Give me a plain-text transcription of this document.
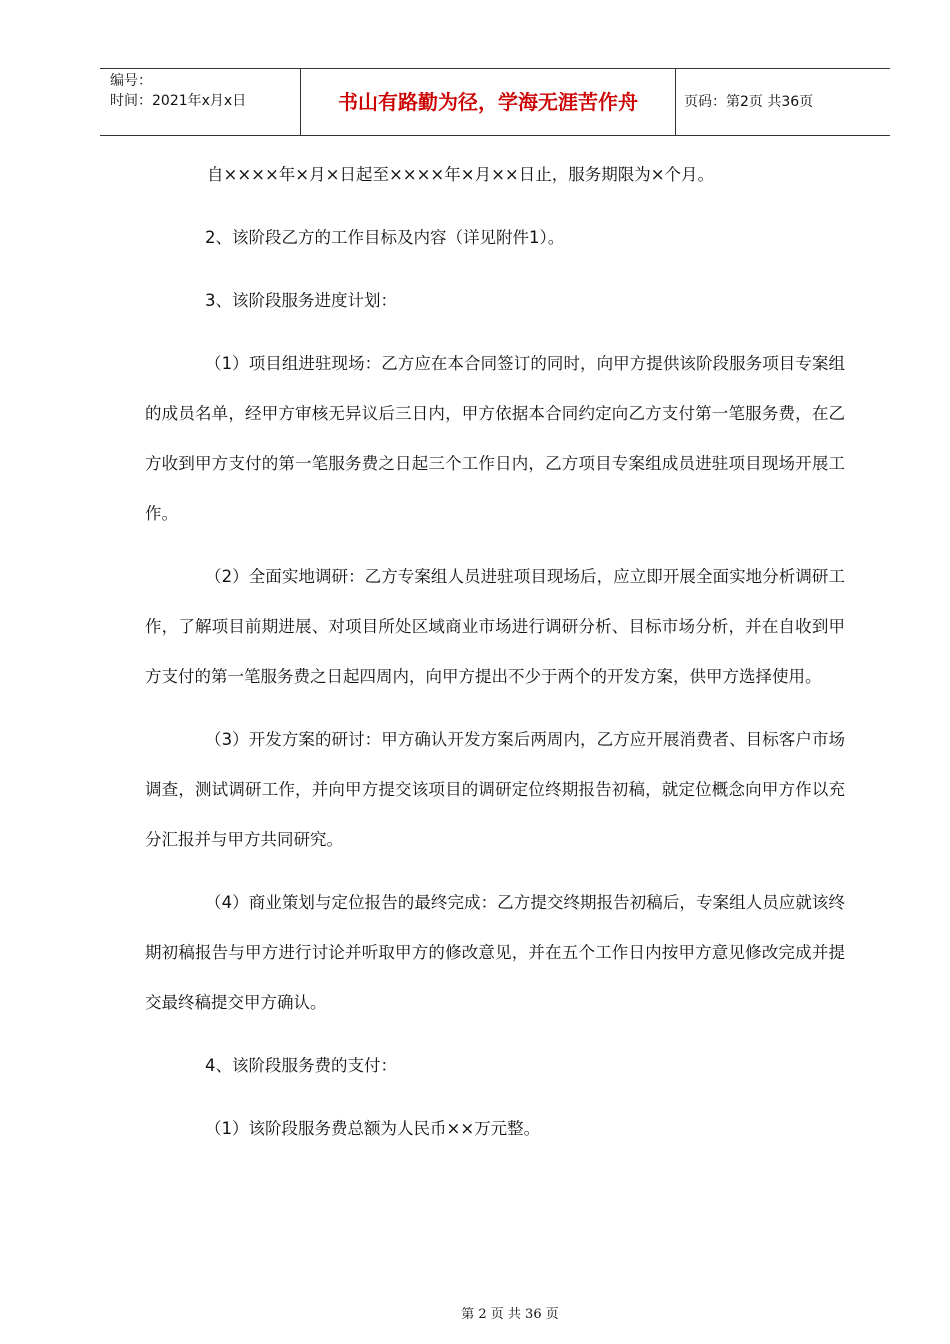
编号：
时间：2021年x月x日	书山有路勤为径，学海无涯苦作舟	页码：第2页 共36页

自××××年×月×日起至××××年×月××日止，服务期限为×个月。

2、该阶段乙方的工作目标及内容（详见附件1）。

3、该阶段服务进度计划：

（1）项目组进驻现场：乙方应在本合同签订的同时，向甲方提供该阶段服务项目专案组的成员名单，经甲方审核无异议后三日内，甲方依据本合同约定向乙方支付第一笔服务费，在乙方收到甲方支付的第一笔服务费之日起三个工作日内，乙方项目专案组成员进驻项目现场开展工作。

（2）全面实地调研：乙方专案组人员进驻项目现场后，应立即开展全面实地分析调研工作，了解项目前期进展、对项目所处区域商业市场进行调研分析、目标市场分析，并在自收到甲方支付的第一笔服务费之日起四周内，向甲方提出不少于两个的开发方案，供甲方选择使用。

（3）开发方案的研讨：甲方确认开发方案后两周内，乙方应开展消费者、目标客户市场调查，测试调研工作，并向甲方提交该项目的调研定位终期报告初稿，就定位概念向甲方作以充分汇报并与甲方共同研究。

（4）商业策划与定位报告的最终完成：乙方提交终期报告初稿后，专案组人员应就该终期初稿报告与甲方进行讨论并听取甲方的修改意见，并在五个工作日内按甲方意见修改完成并提交最终稿提交甲方确认。

4、该阶段服务费的支付：

（1）该阶段服务费总额为人民币××万元整。

第 2 页 共 36 页
